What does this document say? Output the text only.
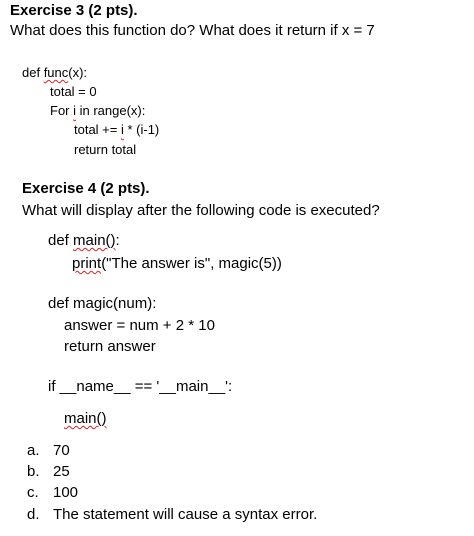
Exercise 3 (2 pts).
What does this function do? What does it return if x = 7
def func(x):
total = 0
For i in range(x):
total += i * (i-1)
return total
Exercise 4 (2 pts).
What will display after the following code is executed?
def main():
print("The answer is", magic(5))
def magic(num):
answer = num + 2 * 10
return answer
if __name__ == '__main__':
main()
a. 70
b. 25
c. 100
d. The statement will cause a syntax error.
